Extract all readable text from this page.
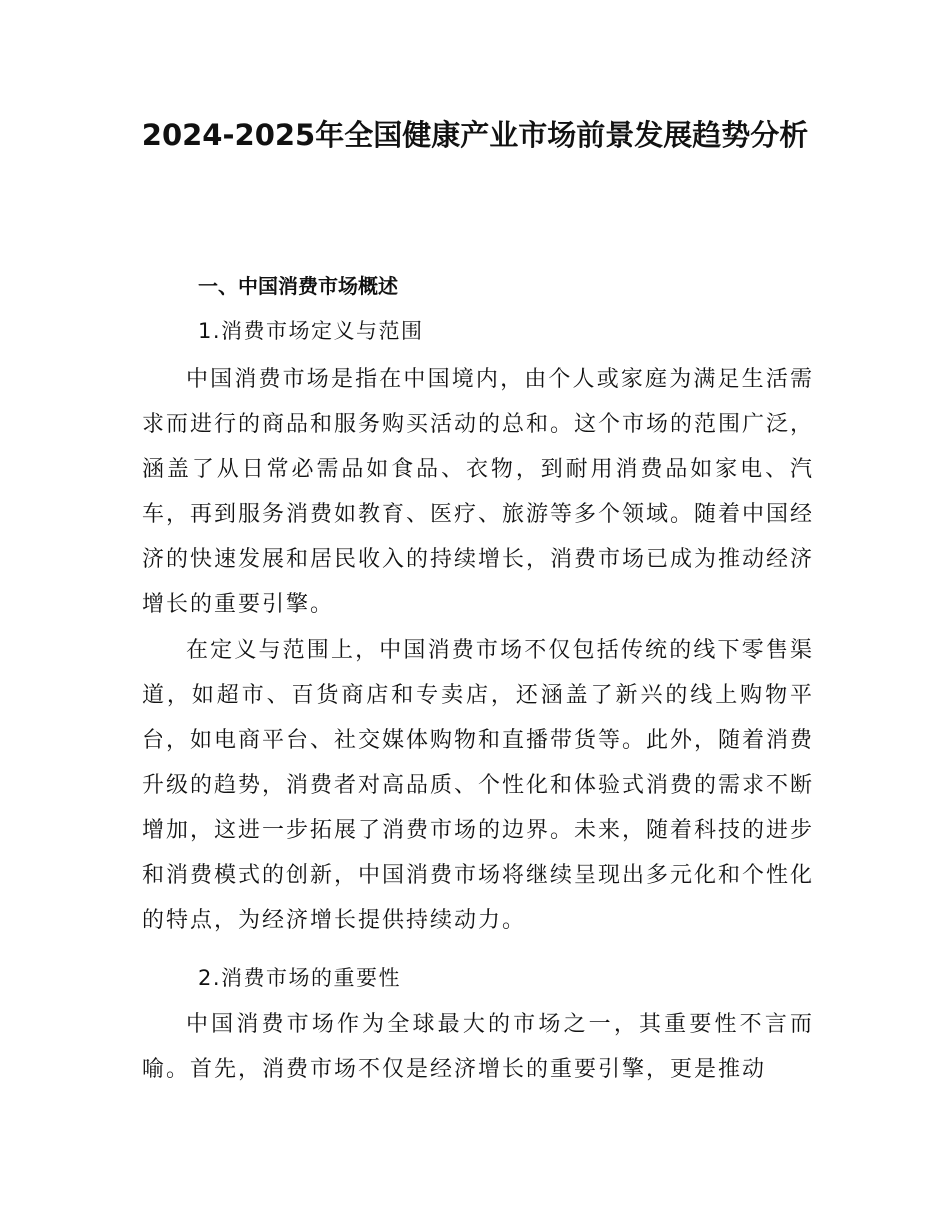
2024-2025年全国健康产业市场前景发展趋势分析
一、中国消费市场概述
1.消费市场定义与范围

中国消费市场是指在中国境内，由个人或家庭为满足生活需求而进行的商品和服务购买活动的总和。这个市场的范围广泛，涵盖了从日常必需品如食品、衣物，到耐用消费品如家电、汽车，再到服务消费如教育、医疗、旅游等多个领域。随着中国经济的快速发展和居民收入的持续增长，消费市场已成为推动经济增长的重要引擎。

在定义与范围上，中国消费市场不仅包括传统的线下零售渠道，如超市、百货商店和专卖店，还涵盖了新兴的线上购物平台，如电商平台、社交媒体购物和直播带货等。此外，随着消费升级的趋势，消费者对高品质、个性化和体验式消费的需求不断增加，这进一步拓展了消费市场的边界。未来，随着科技的进步和消费模式的创新，中国消费市场将继续呈现出多元化和个性化的特点，为经济增长提供持续动力。

2.消费市场的重要性

中国消费市场作为全球最大的市场之一，其重要性不言而喻。首先，消费市场不仅是经济增长的重要引擎，更是推动
